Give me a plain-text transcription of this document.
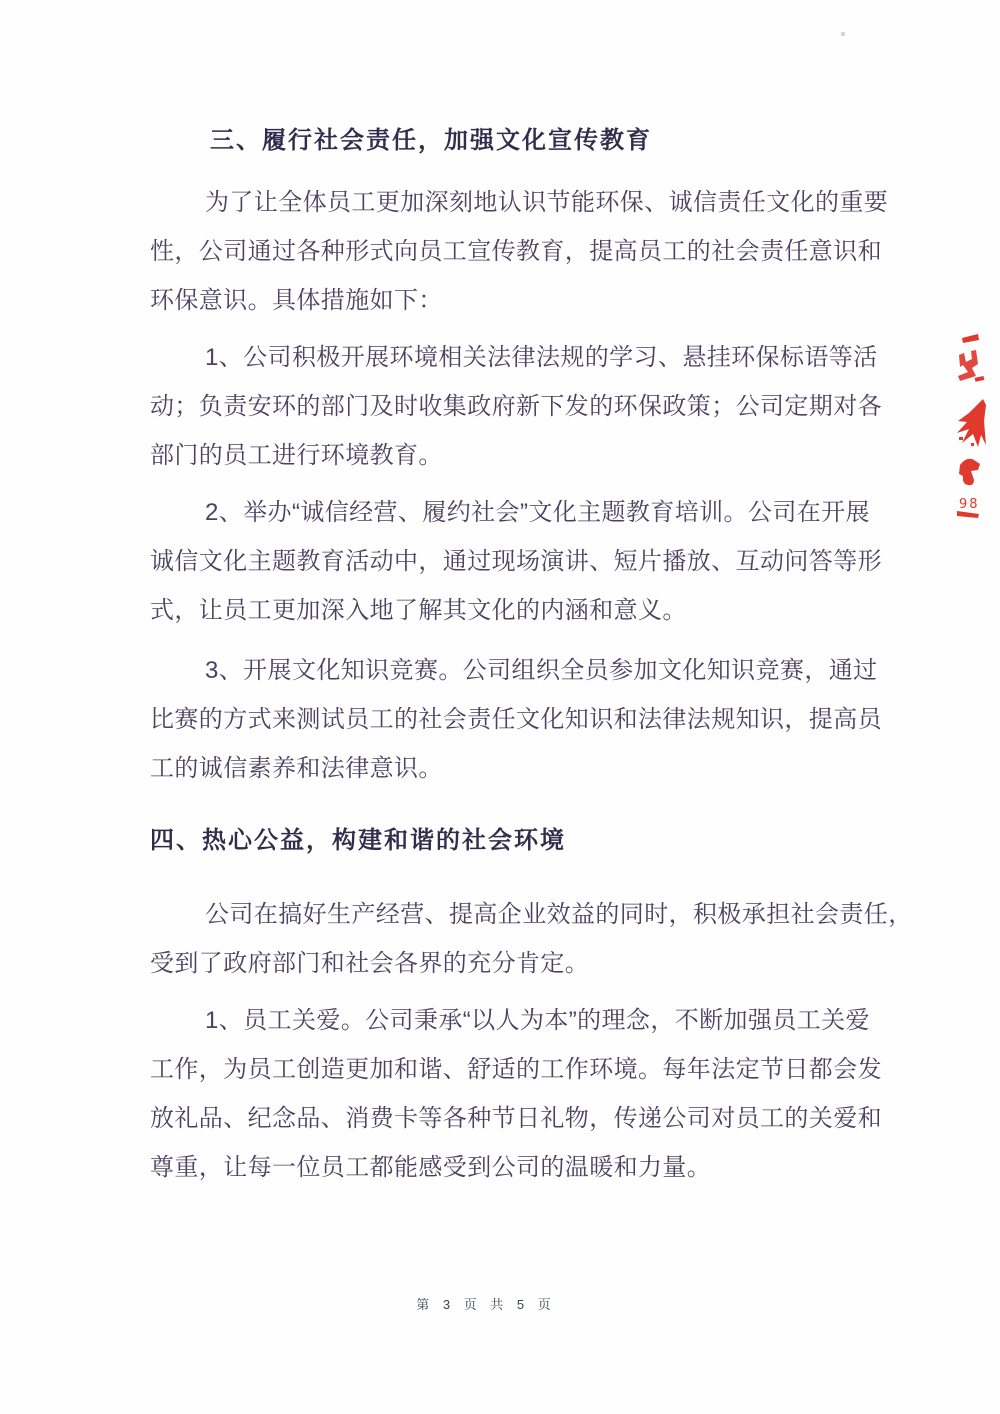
三、履行社会责任，加强文化宣传教育
为了让全体员工更加深刻地认识节能环保、诚信责任文化的重要
性，公司通过各种形式向员工宣传教育，提高员工的社会责任意识和
环保意识。具体措施如下：
1、公司积极开展环境相关法律法规的学习、悬挂环保标语等活
动；负责安环的部门及时收集政府新下发的环保政策；公司定期对各
部门的员工进行环境教育。
2、举办“诚信经营、履约社会”文化主题教育培训。公司在开展
诚信文化主题教育活动中，通过现场演讲、短片播放、互动问答等形
式，让员工更加深入地了解其文化的内涵和意义。
3、开展文化知识竞赛。公司组织全员参加文化知识竞赛，通过
比赛的方式来测试员工的社会责任文化知识和法律法规知识，提高员
工的诚信素养和法律意识。
四、热心公益，构建和谐的社会环境
公司在搞好生产经营、提高企业效益的同时，积极承担社会责任，
受到了政府部门和社会各界的充分肯定。
1、员工关爱。公司秉承“以人为本”的理念，不断加强员工关爱
工作，为员工创造更加和谐、舒适的工作环境。每年法定节日都会发
放礼品、纪念品、消费卡等各种节日礼物，传递公司对员工的关爱和
尊重，让每一位员工都能感受到公司的温暖和力量。
98
第 3 页 共 5 页
